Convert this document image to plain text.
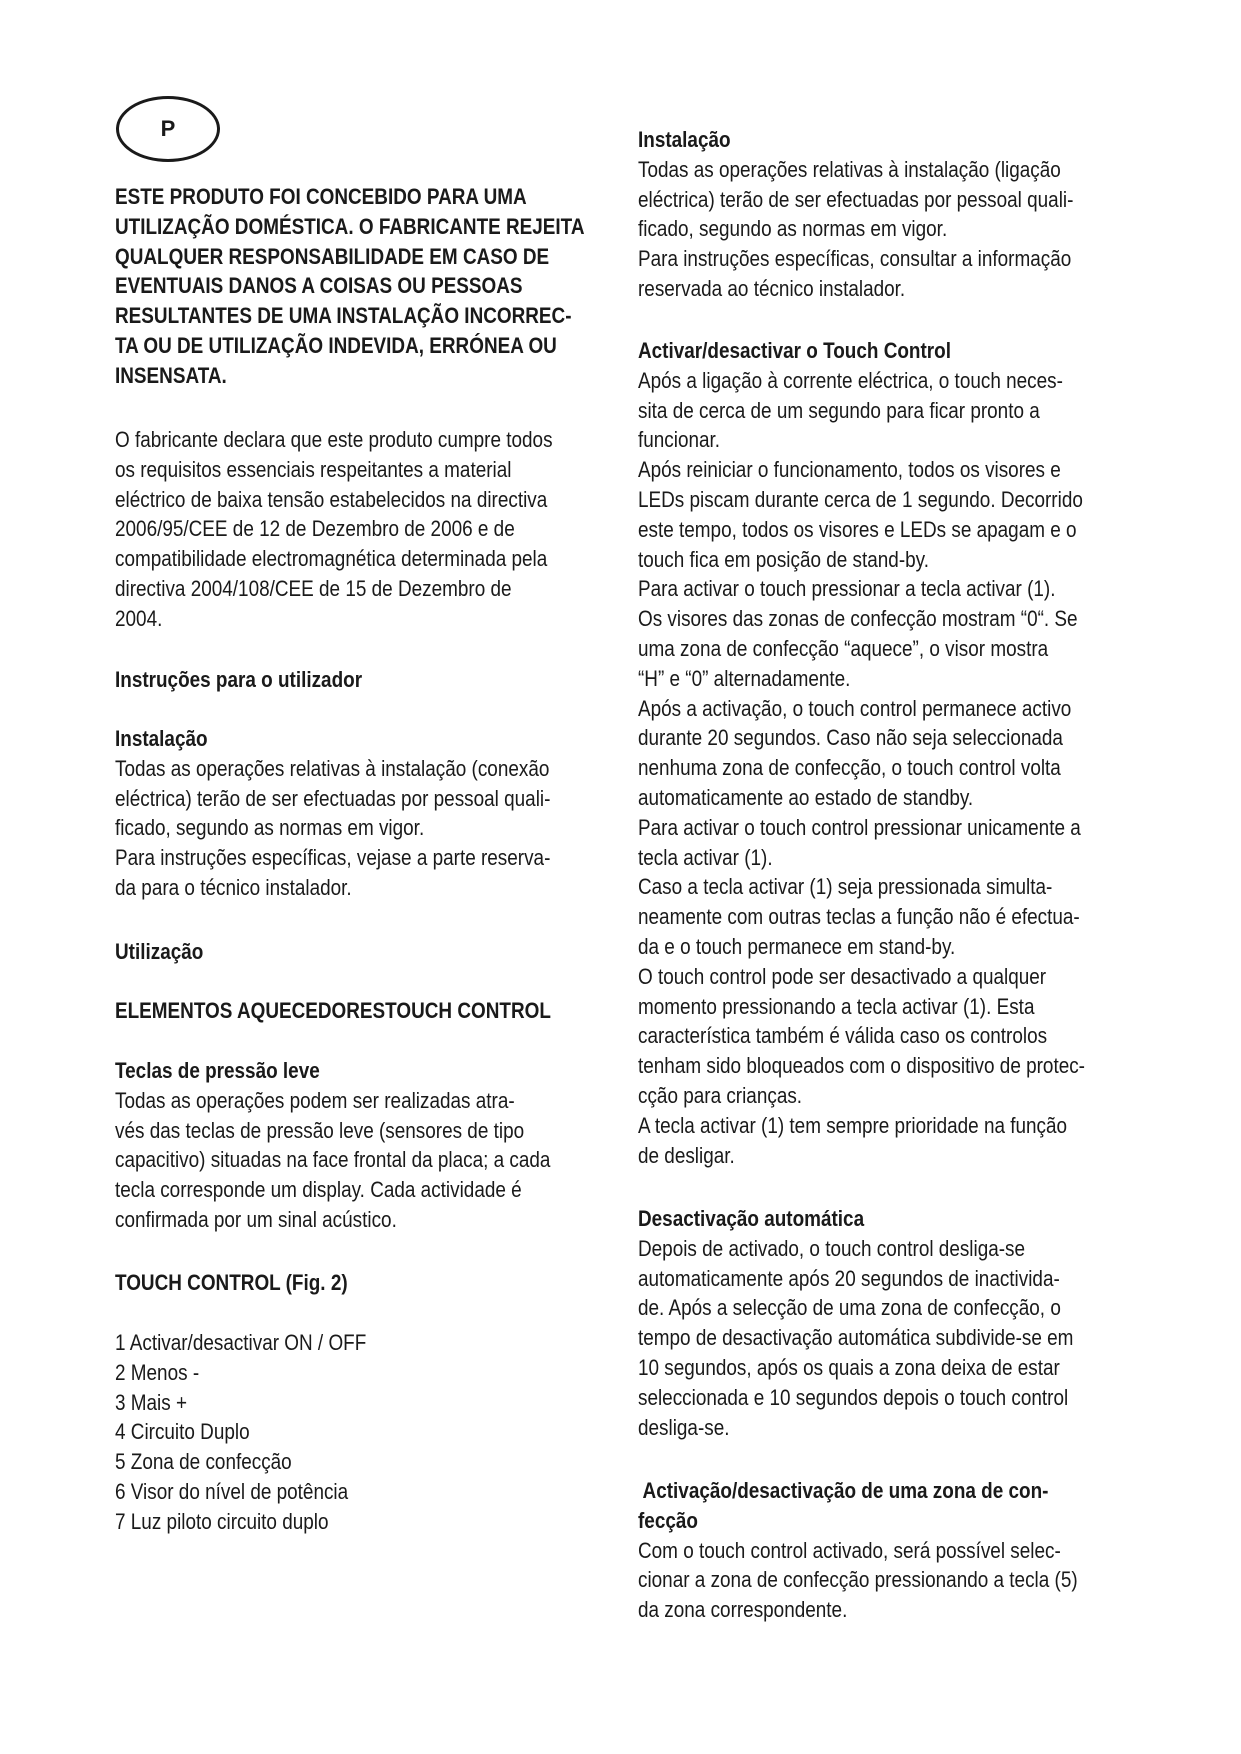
P
ESTE PRODUTO FOI CONCEBIDO PARA UMA
UTILIZAÇÃO DOMÉSTICA. O FABRICANTE REJEITA
QUALQUER RESPONSABILIDADE EM CASO DE
EVENTUAIS DANOS A COISAS OU PESSOAS
RESULTANTES DE UMA INSTALAÇÃO INCORREC-
TA OU DE UTILIZAÇÃO INDEVIDA, ERRÓNEA OU
INSENSATA.
O fabricante declara que este produto cumpre todos
os requisitos essenciais respeitantes a material
eléctrico de baixa tensão estabelecidos na directiva
2006/95/CEE de 12 de Dezembro de 2006 e de
compatibilidade electromagnética determinada pela
directiva 2004/108/CEE de 15 de Dezembro de
2004.
Instruções para o utilizador
Instalação
Todas as operações relativas à instalação (conexão
eléctrica) terão de ser efectuadas por pessoal quali-
ficado, segundo as normas em vigor.
Para instruções específicas, vejase a parte reserva-
da para o técnico instalador.
Utilização
ELEMENTOS AQUECEDORESTOUCH CONTROL
Teclas de pressão leve
Todas as operações podem ser realizadas atra-
vés das teclas de pressão leve (sensores de tipo
capacitivo) situadas na face frontal da placa; a cada
tecla corresponde um display. Cada actividade é
confirmada por um sinal acústico.
TOUCH CONTROL (Fig. 2)
1 Activar/desactivar ON / OFF
2 Menos -
3 Mais +
4 Circuito Duplo
5 Zona de confecção
6 Visor do nível de potência
7 Luz piloto circuito duplo
Instalação
Todas as operações relativas à instalação (ligação
eléctrica) terão de ser efectuadas por pessoal quali-
ficado, segundo as normas em vigor.
Para instruções específicas, consultar a informação
reservada ao técnico instalador.
Activar/desactivar o Touch Control
Após a ligação à corrente eléctrica, o touch neces-
sita de cerca de um segundo para ficar pronto a
funcionar.
Após reiniciar o funcionamento, todos os visores e
LEDs piscam durante cerca de 1 segundo. Decorrido
este tempo, todos os visores e LEDs se apagam e o
touch fica em posição de stand-by.
Para activar o touch pressionar a tecla activar (1).
Os visores das zonas de confecção mostram “0“. Se
uma zona de confecção “aquece”, o visor mostra
“H” e “0” alternadamente.
Após a activação, o touch control permanece activo
durante 20 segundos. Caso não seja seleccionada
nenhuma zona de confecção, o touch control volta
automaticamente ao estado de standby.
Para activar o touch control pressionar unicamente a
tecla activar (1).
Caso a tecla activar (1) seja pressionada simulta-
neamente com outras teclas a função não é efectua-
da e o touch permanece em stand-by.
O touch control pode ser desactivado a qualquer
momento pressionando a tecla activar (1). Esta
característica também é válida caso os controlos
tenham sido bloqueados com o dispositivo de protec-
cção para crianças.
A tecla activar (1) tem sempre prioridade na função
de desligar.
Desactivação automática
Depois de activado, o touch control desliga-se
automaticamente após 20 segundos de inactivida-
de. Após a selecção de uma zona de confecção, o
tempo de desactivação automática subdivide-se em
10 segundos, após os quais a zona deixa de estar
seleccionada e 10 segundos depois o touch control
desliga-se.
Activação/desactivação de uma zona de con-
fecção
Com o touch control activado, será possível selec-
cionar a zona de confecção pressionando a tecla (5)
da zona correspondente.
